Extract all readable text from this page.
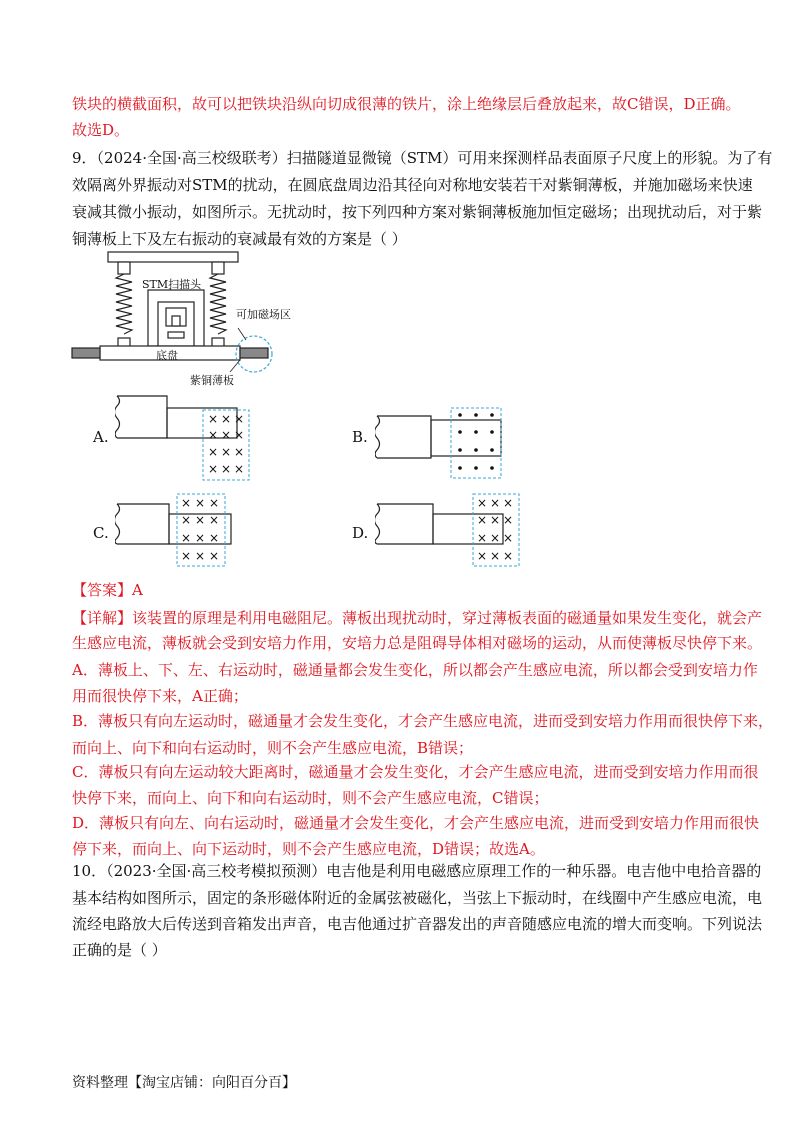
铁块的横截面积，故可以把铁块沿纵向切成很薄的铁片，涂上绝缘层后叠放起来，故C错误，D正确。
故选D。
9．（2024·全国·高三校级联考）扫描隧道显微镜（STM）可用来探测样品表面原子尺度上的形貌。为了有
效隔离外界振动对STM的扰动，在圆底盘周边沿其径向对称地安装若干对紫铜薄板，并施加磁场来快速
衰减其微小振动，如图所示。无扰动时，按下列四种方案对紫铜薄板施加恒定磁场；出现扰动后，对于紫
铜薄板上下及左右振动的衰减最有效的方案是（ ）
STM扫描头
可加磁场区
底盘
紫铜薄板
A.
× × ×
× × ×
× × ×
× × ×
B.
C.
× × ×
× × ×
× × ×
× × ×
D.
× × ×
× × ×
× × ×
× × ×
【答案】A
【详解】该装置的原理是利用电磁阻尼。薄板出现扰动时，穿过薄板表面的磁通量如果发生变化，就会产
生感应电流，薄板就会受到安培力作用，安培力总是阻碍导体相对磁场的运动，从而使薄板尽快停下来。
A．薄板上、下、左、右运动时，磁通量都会发生变化，所以都会产生感应电流，所以都会受到安培力作
用而很快停下来，A正确；
B．薄板只有向左运动时，磁通量才会发生变化，才会产生感应电流，进而受到安培力作用而很快停下来，
而向上、向下和向右运动时，则不会产生感应电流，B错误；
C．薄板只有向左运动较大距离时，磁通量才会发生变化，才会产生感应电流，进而受到安培力作用而很
快停下来，而向上、向下和向右运动时，则不会产生感应电流，C错误；
D．薄板只有向左、向右运动时，磁通量才会发生变化，才会产生感应电流，进而受到安培力作用而很快
停下来，而向上、向下运动时，则不会产生感应电流，D错误；故选A。
10．（2023·全国·高三校考模拟预测）电吉他是利用电磁感应原理工作的一种乐器。电吉他中电拾音器的
基本结构如图所示，固定的条形磁体附近的金属弦被磁化，当弦上下振动时，在线圈中产生感应电流，电
流经电路放大后传送到音箱发出声音，电吉他通过扩音器发出的声音随感应电流的增大而变响。下列说法
正确的是（ ）
资料整理【淘宝店铺：向阳百分百】
